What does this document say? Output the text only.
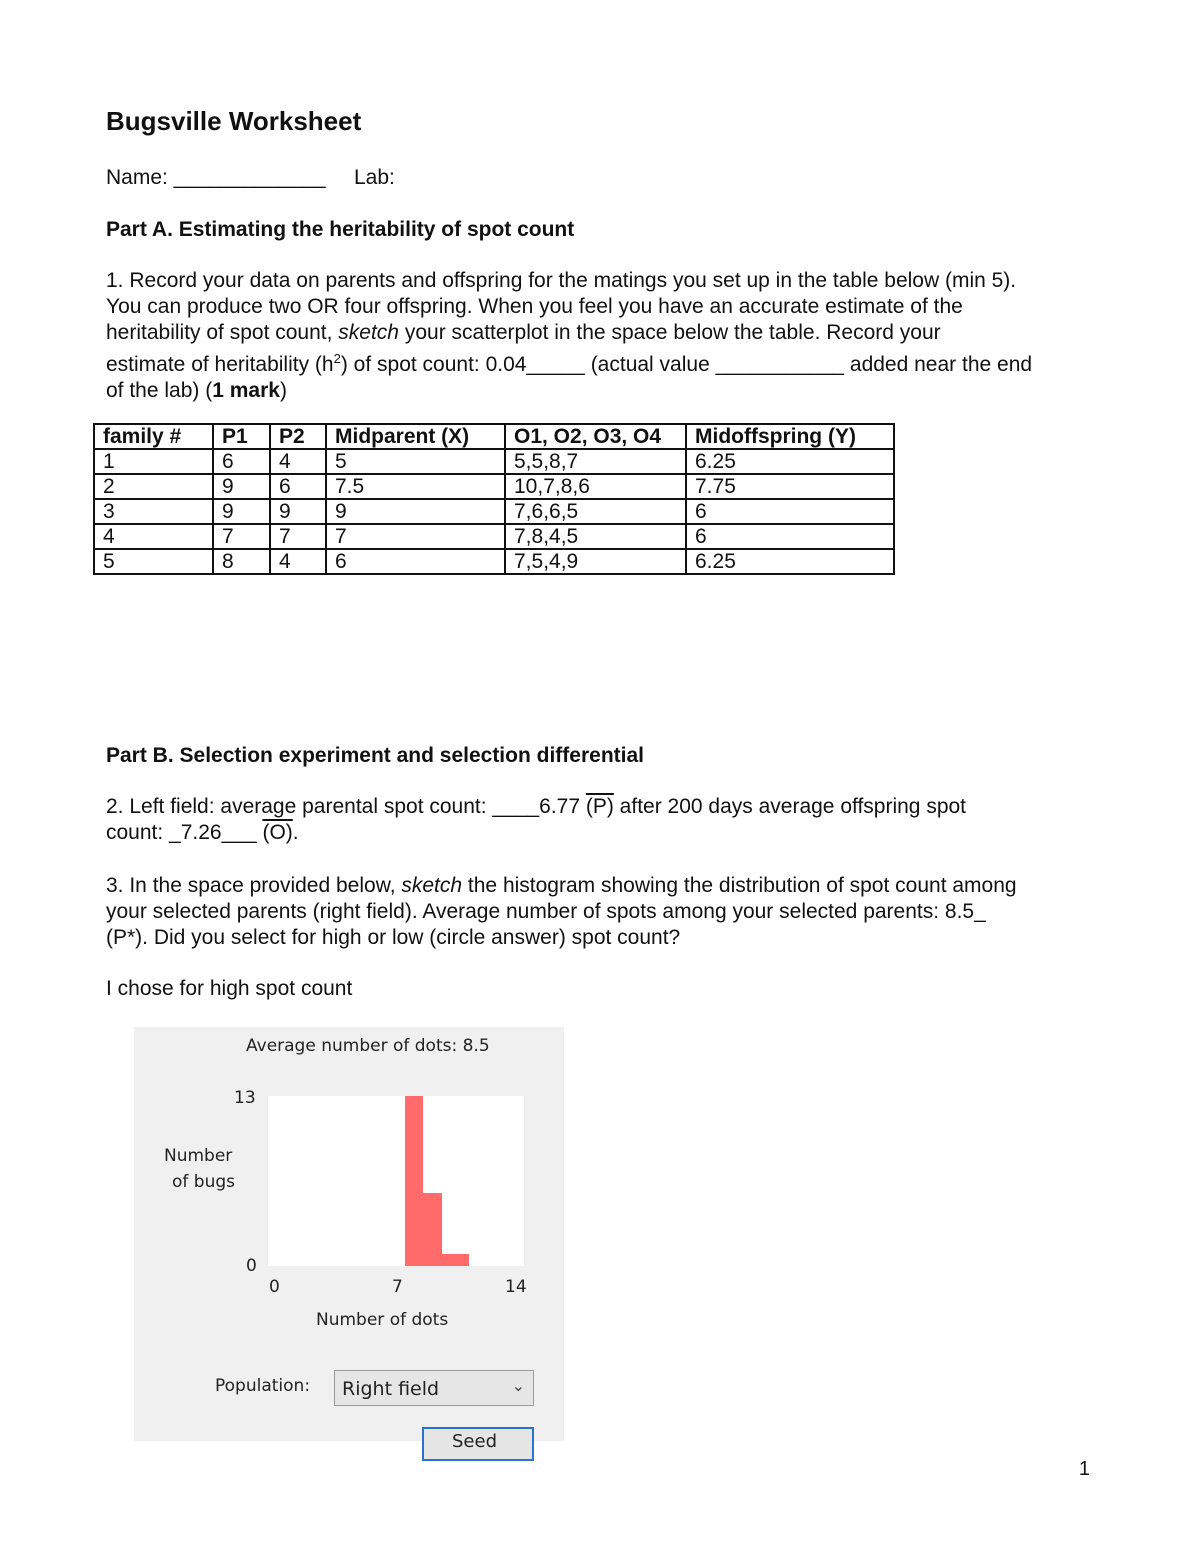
Bugsville Worksheet
Name: _____________ Lab:
Part A. Estimating the heritability of spot count
1. Record your data on parents and offspring for the matings you set up in the table below (min 5).
You can produce two OR four offspring. When you feel you have an accurate estimate of the
heritability of spot count, sketch your scatterplot in the space below the table. Record your
estimate of heritability $(h^2)$ of spot count: 0.04_____ (actual value ___________ added near the end
of the lab) (1 mark)
family #	P1	P2	Midparent (X)	O1, O2, O3, O4	Midoffspring (Y)
1	6	4	5	5,5,8,7	6.25
2	9	6	7.5	10,7,8,6	7.75
3	9	9	9	7,6,6,5	6
4	7	7	7	7,8,4,5	6
5	8	4	6	7,5,4,9	6.25
Part B. Selection experiment and selection differential
2. Left field: average parental spot count: ____6.77 (P) after 200 days average offspring spot
count: _7.26___ (O).
3. In the space provided below, sketch the histogram showing the distribution of spot count among
your selected parents (right field). Average number of spots among your selected parents: 8.5_
(P*). Did you select for high or low (circle answer) spot count?
I chose for high spot count
Average number of dots: 8.5
13
0
Number
of bugs
0	7	14
Number of dots
Population: Right field	⌄
Seed
1
